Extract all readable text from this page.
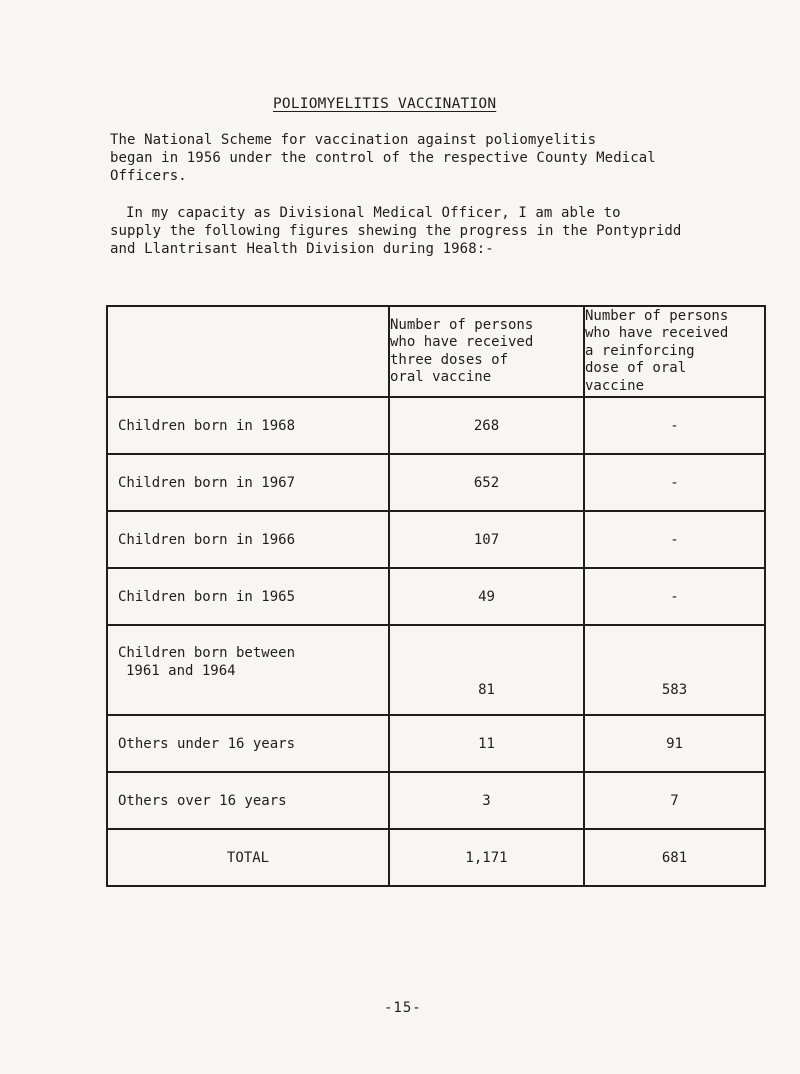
POLIOMYELITIS VACCINATION
The National Scheme for vaccination against poliomyelitis
began in 1956 under the control of the respective County Medical
Officers.
In my capacity as Divisional Medical Officer, I am able to
supply the following figures shewing the progress in the Pontypridd
and Llantrisant Health Division during 1968:-

	Number of persons
who have received
three doses of
oral vaccine	Number of persons
who have received
a reinforcing
dose of oral
vaccine

Children born in 1968	268	-
Children born in 1967	652	-
Children born in 1966	107	-
Children born in 1965	49	-

Children born between
1961 and 1964	81	583
Others under 16 years	11	91
Others over 16 years	3	7
TOTAL	1,171	681
-15-
